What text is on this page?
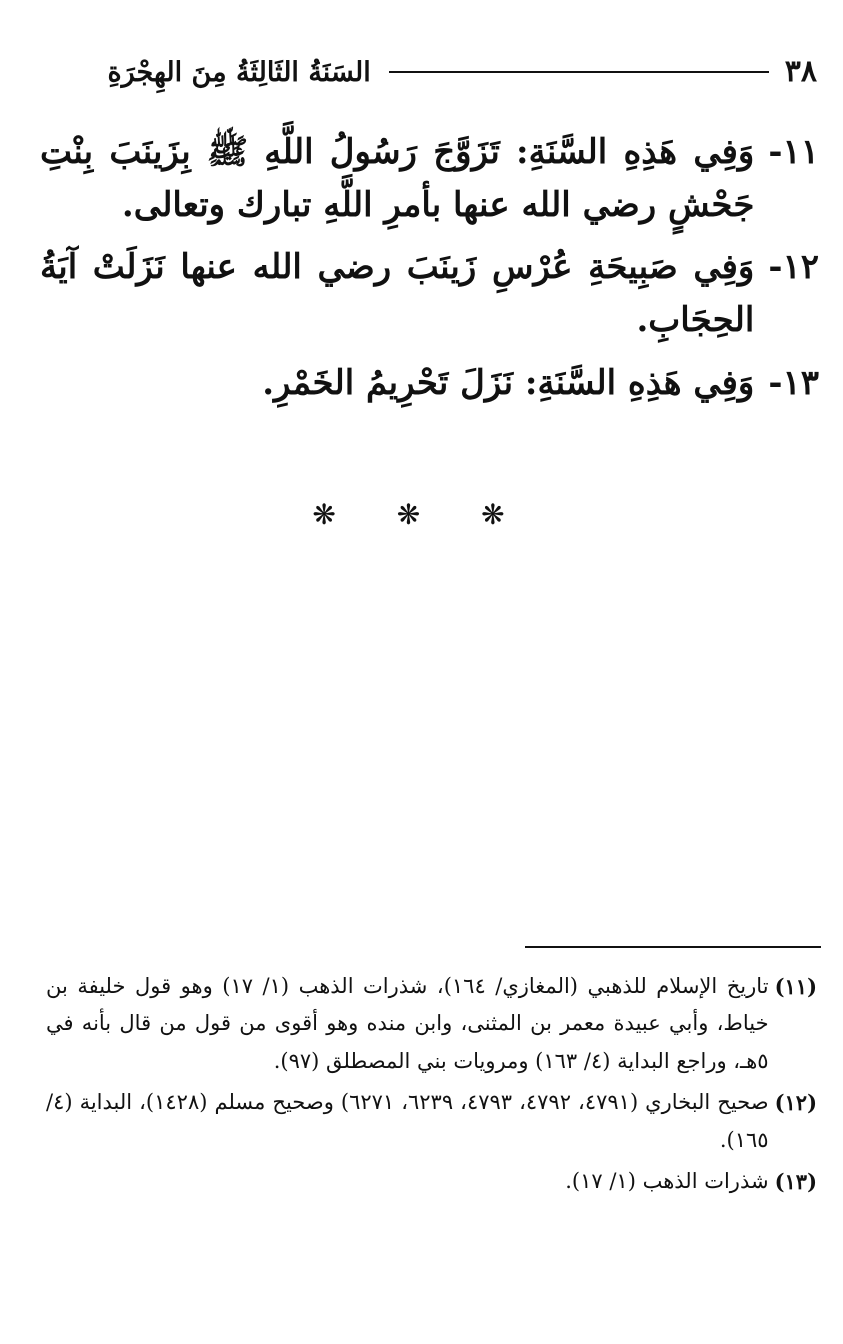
٣٨
السَنَةُ الثَالِثَةُ مِنَ الهِجْرَةِ
١١-
وَفِي هَذِهِ السَّنَةِ: تَزَوَّجَ رَسُولُ اللَّهِ ﷺ بِزَينَبَ بِنْتِ جَحْشٍ رضي الله عنها بأمرِ اللَّهِ تبارك وتعالى.
١٢-
وَفِي صَبِيحَةِ عُرْسِ زَينَبَ رضي الله عنها نَزَلَتْ آيَةُ الحِجَابِ.
١٣-
وَفِي هَذِهِ السَّنَةِ: نَزَلَ تَحْرِيمُ الخَمْرِ.
❋ ❋ ❋
(١١)
تاريخ الإسلام للذهبي (المغازي/ ١٦٤)، شذرات الذهب (١/ ١٧) وهو قول خليفة بن خياط، وأبي عبيدة معمر بن المثنى، وابن منده وهو أقوى من قول من قال بأنه في ٥هـ، وراجع البداية (٤/ ١٦٣) ومرويات بني المصطلق (٩٧).
(١٢)
صحيح البخاري (٤٧٩١، ٤٧٩٢، ٤٧٩٣، ٦٢٣٩، ٦٢٧١) وصحيح مسلم (١٤٢٨)، البداية (٤/ ١٦٥).
(١٣)
شذرات الذهب (١/ ١٧).
